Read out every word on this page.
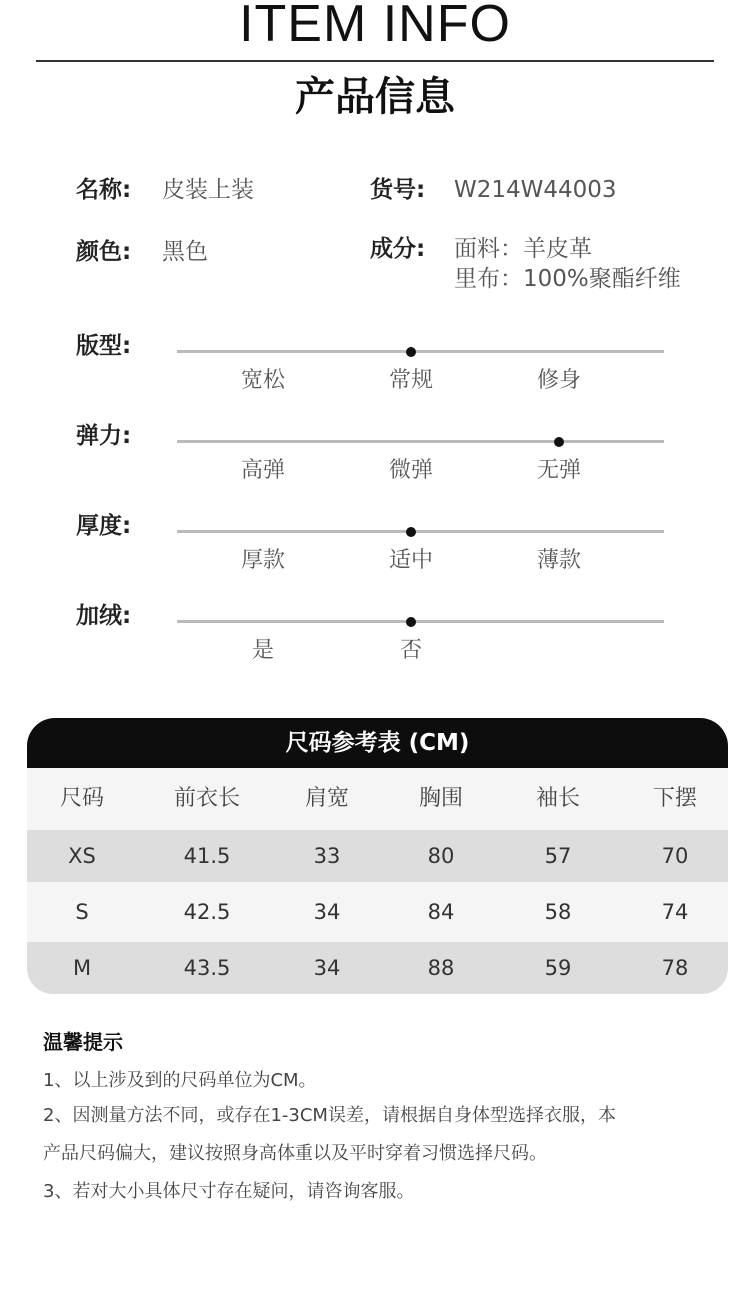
ITEM INFO
产品信息
名称: 皮装上装	货号: W214W44003
颜色: 黑色	成分: 面料：羊皮革
里布：100%聚酯纤维
版型:
宽松	常规	修身
弹力:
高弹	微弹	无弹
厚度:
厚款	适中	薄款
加绒:
是	否
尺码参考表 (CM)
尺码	前衣长	肩宽	胸围	袖长	下摆
XS	41.5	33	80	57	70
S	42.5	34	84	58	74
M	43.5	34	88	59	78
温馨提示
1、以上涉及到的尺码单位为CM。
2、因测量方法不同，或存在1-3CM误差，请根据自身体型选择衣服，本
产品尺码偏大，建议按照身高体重以及平时穿着习惯选择尺码。
3、若对大小具体尺寸存在疑问，请咨询客服。
